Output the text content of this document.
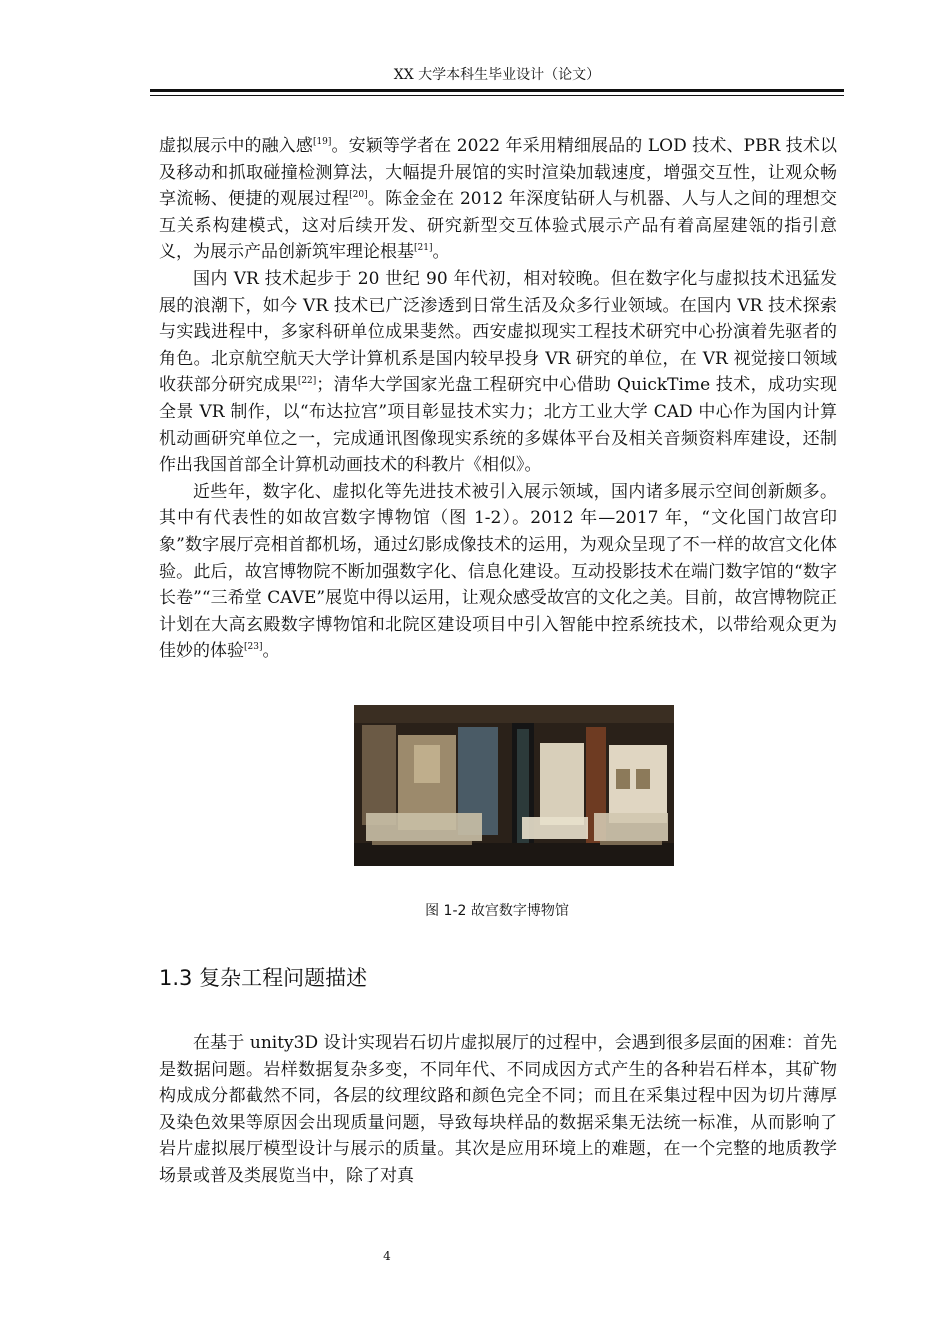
XX 大学本科生毕业设计（论文）

虚拟展示中的融入感[19]。安颖等学者在 2022 年采用精细展品的 LOD 技术、PBR 技术以及移动和抓取碰撞检测算法，大幅提升展馆的实时渲染加载速度，增强交互性，让观众畅享流畅、便捷的观展过程[20]。陈金金在 2012 年深度钻研人与机器、人与人之间的理想交互关系构建模式，这对后续开发、研究新型交互体验式展示产品有着高屋建瓴的指引意义，为展示产品创新筑牢理论根基[21]。

国内 VR 技术起步于 20 世纪 90 年代初，相对较晚。但在数字化与虚拟技术迅猛发展的浪潮下，如今 VR 技术已广泛渗透到日常生活及众多行业领域。在国内 VR 技术探索与实践进程中，多家科研单位成果斐然。西安虚拟现实工程技术研究中心扮演着先驱者的角色。北京航空航天大学计算机系是国内较早投身 VR 研究的单位，在 VR 视觉接口领域收获部分研究成果[22]；清华大学国家光盘工程研究中心借助 QuickTime 技术，成功实现全景 VR 制作，以“布达拉宫”项目彰显技术实力；北方工业大学 CAD 中心作为国内计算机动画研究单位之一，完成通讯图像现实系统的多媒体平台及相关音频资料库建设，还制作出我国首部全计算机动画技术的科教片《相似》。

近些年，数字化、虚拟化等先进技术被引入展示领域，国内诸多展示空间创新颇多。其中有代表性的如故宫数字博物馆（图 1-2）。2012 年—2017 年，“文化国门故宫印象”数字展厅亮相首都机场，通过幻影成像技术的运用，为观众呈现了不一样的故宫文化体验。此后，故宫博物院不断加强数字化、信息化建设。互动投影技术在端门数字馆的“数字长卷”“三希堂 CAVE”展览中得以运用，让观众感受故宫的文化之美。目前，故宫博物院正计划在大高玄殿数字博物馆和北院区建设项目中引入智能中控系统技术，以带给观众更为佳妙的体验[23]。

图 1-2 故宫数字博物馆
1.3 复杂工程问题描述

在基于 unity3D 设计实现岩石切片虚拟展厅的过程中，会遇到很多层面的困难：首先是数据问题。岩样数据复杂多变，不同年代、不同成因方式产生的各种岩石样本，其矿物构成成分都截然不同，各层的纹理纹路和颜色完全不同；而且在采集过程中因为切片薄厚及染色效果等原因会出现质量问题，导致每块样品的数据采集无法统一标准，从而影响了岩片虚拟展厅模型设计与展示的质量。其次是应用环境上的难题，在一个完整的地质教学场景或普及类展览当中，除了对真

4
